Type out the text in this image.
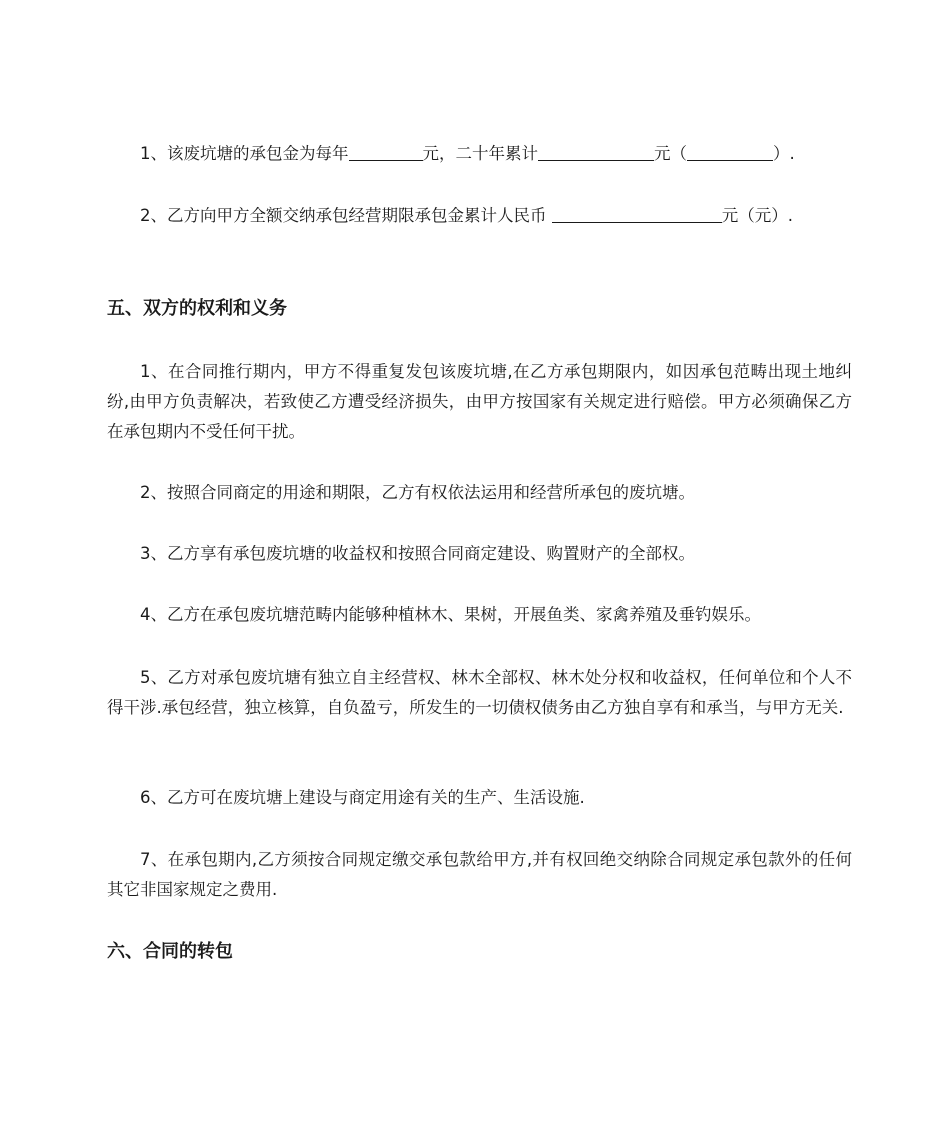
1、该废坑塘的承包金为每年	元，二十年累计	元（	）.

2、乙方向甲方全额交纳承包经营期限承包金累计人民币	元（元）.

五、双方的权利和义务

1、在合同推行期内，甲方不得重复发包该废坑塘,在乙方承包期限内，如因承包范畴出现土地纠纷,由甲方负责解决，若致使乙方遭受经济损失，由甲方按国家有关规定进行赔偿。甲方必须确保乙方在承包期内不受任何干扰。

2、按照合同商定的用途和期限，乙方有权依法运用和经营所承包的废坑塘。

3、乙方享有承包废坑塘的收益权和按照合同商定建设、购置财产的全部权。

4、乙方在承包废坑塘范畴内能够种植林木、果树，开展鱼类、家禽养殖及垂钓娱乐。

5、乙方对承包废坑塘有独立自主经营权、林木全部权、林木处分权和收益权，任何单位和个人不得干涉.承包经营，独立核算，自负盈亏，所发生的一切债权债务由乙方独自享有和承当，与甲方无关.

6、乙方可在废坑塘上建设与商定用途有关的生产、生活设施.

7、在承包期内,乙方须按合同规定缴交承包款给甲方,并有权回绝交纳除合同规定承包款外的任何其它非国家规定之费用.

六、合同的转包
